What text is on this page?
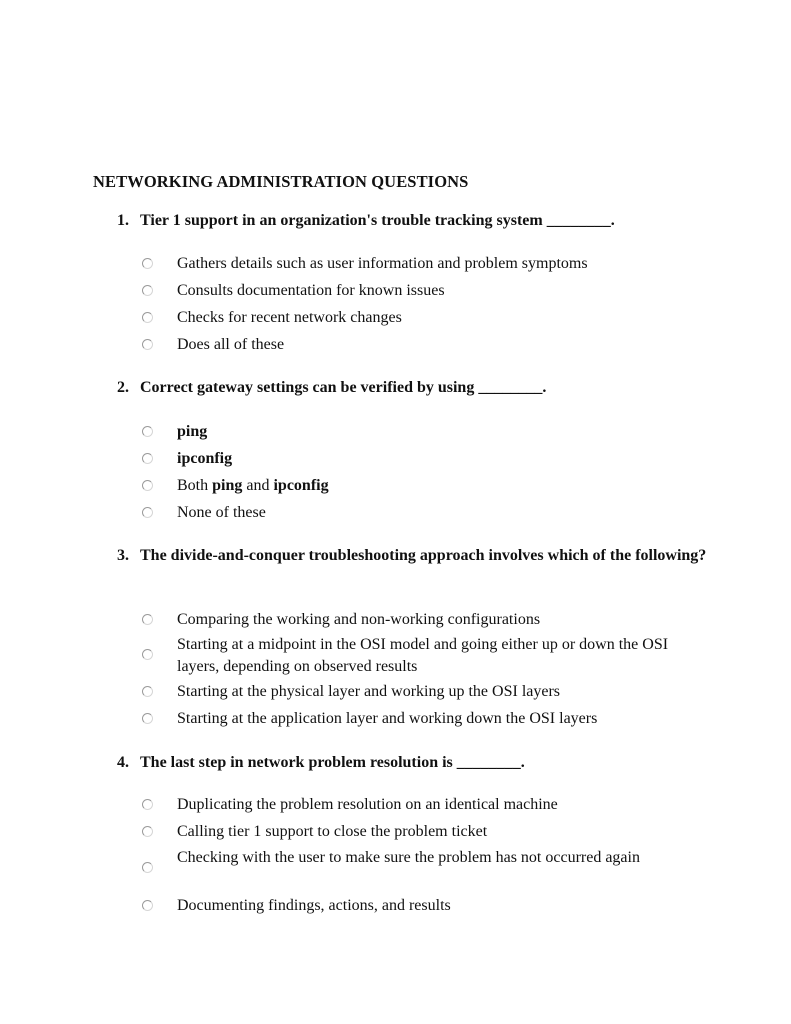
NETWORKING ADMINISTRATION QUESTIONS
1. Tier 1 support in an organization's trouble tracking system ________.
Gathers details such as user information and problem symptoms
Consults documentation for known issues
Checks for recent network changes
Does all of these
2. Correct gateway settings can be verified by using ________.
ping
ipconfig
Both ping and ipconfig
None of these
3. The divide-and-conquer troubleshooting approach involves which of the following?
Comparing the working and non-working configurations
Starting at a midpoint in the OSI model and going either up or down the OSI layers, depending on observed results
Starting at the physical layer and working up the OSI layers
Starting at the application layer and working down the OSI layers
4. The last step in network problem resolution is ________.
Duplicating the problem resolution on an identical machine
Calling tier 1 support to close the problem ticket
Checking with the user to make sure the problem has not occurred again
Documenting findings, actions, and results
